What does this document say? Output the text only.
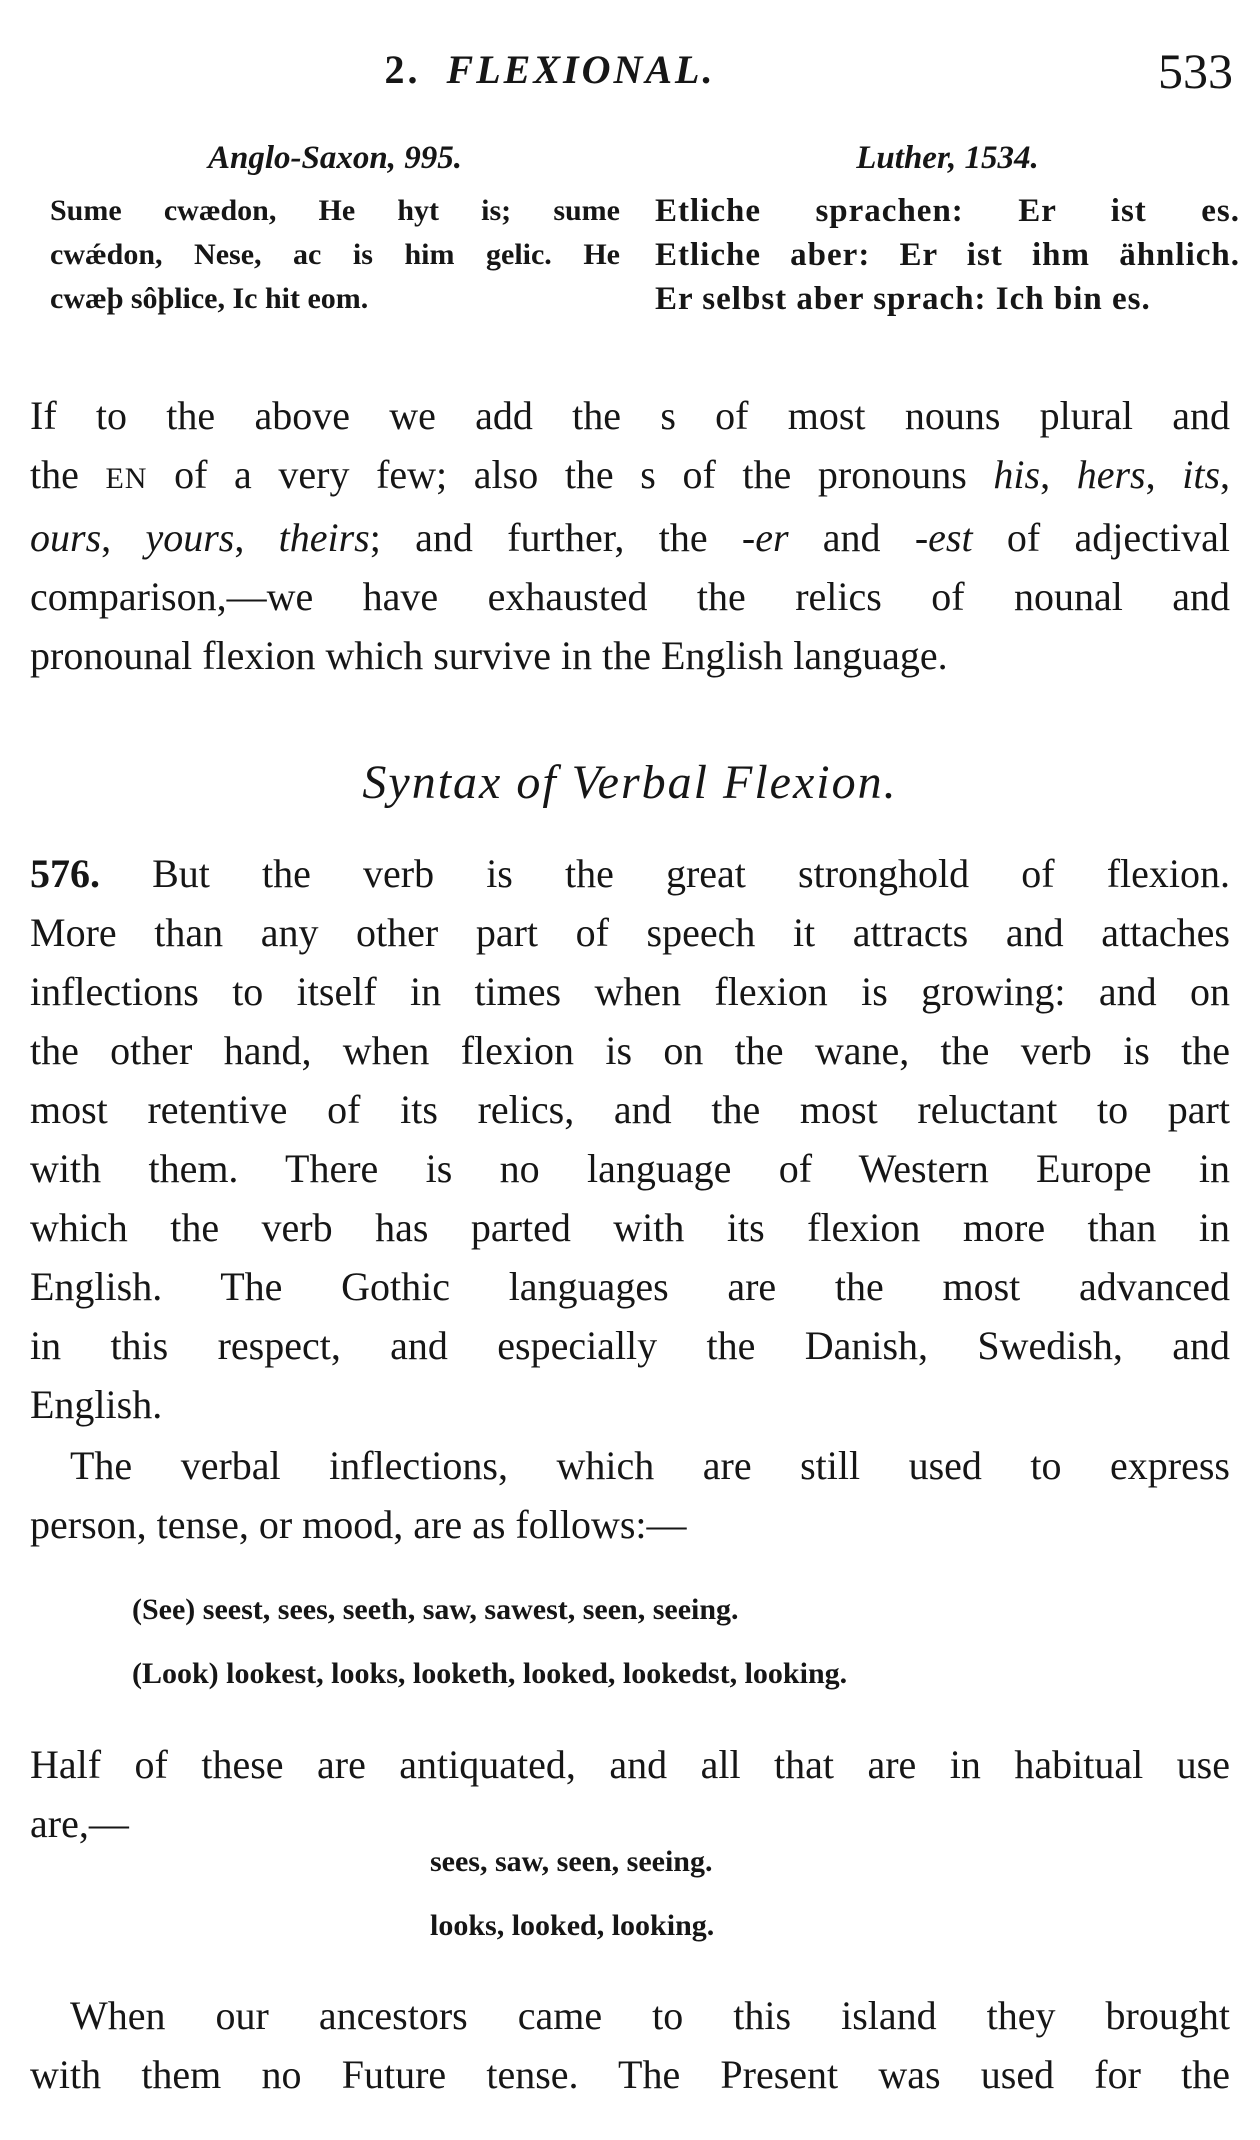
2. FLEXIONAL.	533
Anglo-Saxon, 995.
Sume cwædon, He hyt is; sume
cwǽdon, Nese, ac is him gelic. He
cwæþ sôþlice, Ic hit eom.
Luther, 1534.
Etliche sprachen: Er ist es.
Etliche aber: Er ist ihm ähnlich.
Er selbst aber sprach: Ich bin es.
If to the above we add the s of most nouns plural and
the EN of a very few; also the s of the pronouns his, hers, its,
ours, yours, theirs; and further, the -er and -est of adjectival
comparison,—we have exhausted the relics of nounal and
pronounal flexion which survive in the English language.
Syntax of Verbal Flexion.
576. But the verb is the great stronghold of flexion.
More than any other part of speech it attracts and attaches
inflections to itself in times when flexion is growing: and on
the other hand, when flexion is on the wane, the verb is the
most retentive of its relics, and the most reluctant to part
with them. There is no language of Western Europe in
which the verb has parted with its flexion more than in
English. The Gothic languages are the most advanced
in this respect, and especially the Danish, Swedish, and
English.
The verbal inflections, which are still used to express
person, tense, or mood, are as follows:—
(See) seest, sees, seeth, saw, sawest, seen, seeing.
(Look) lookest, looks, looketh, looked, lookedst, looking.
Half of these are antiquated, and all that are in habitual use
are,—
sees, saw, seen, seeing.
looks, looked, looking.
When our ancestors came to this island they brought
with them no Future tense. The Present was used for the
